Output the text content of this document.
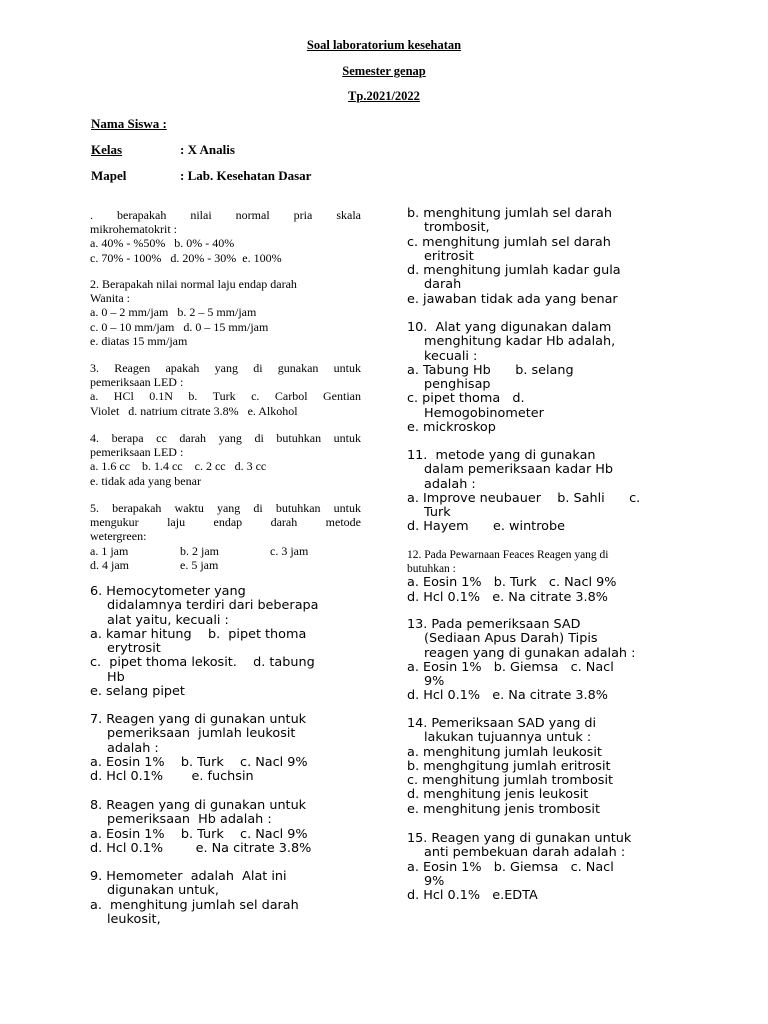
Soal laboratorium kesehatan
Semester genap
Tp.2021/2022
Nama Siswa :
Kelas	: X Analis
Mapel	: Lab. Kesehatan Dasar
. berapakah nilai normal pria skala
mikrohematokrit :
a. 40% - %50%   b. 0% - 40%
c. 70% - 100%   d. 20% - 30%  e. 100%
2. Berapakah nilai normal laju endap darah
Wanita :
a. 0 – 2 mm/jam   b. 2 – 5 mm/jam
c. 0 – 10 mm/jam   d. 0 – 15 mm/jam
e. diatas 15 mm/jam
3. Reagen apakah yang di gunakan untuk
pemeriksaan LED :
a. HCl 0.1N b. Turk c. Carbol Gentian
Violet   d. natrium citrate 3.8%   e. Alkohol
4. berapa cc darah yang di butuhkan untuk
pemeriksaan LED :
a. 1.6 cc    b. 1.4 cc    c. 2 cc   d. 3 cc
e. tidak ada yang benar
5. berapakah waktu yang di butuhkan untuk
mengukur laju endap darah metode
wetergreen:
a. 1 jam	b. 2 jam	c. 3 jam
d. 4 jam	e. 5 jam
6. Hemocytometer yang
didalamnya terdiri dari beberapa
alat yaitu, kecuali :
a. kamar hitung    b.  pipet thoma
erytrosit
c.  pipet thoma lekosit.    d. tabung
Hb
e. selang pipet
7. Reagen yang di gunakan untuk
pemeriksaan  jumlah leukosit
adalah :
a. Eosin 1%    b. Turk    c. Nacl 9%
d. Hcl 0.1%       e. fuchsin
8. Reagen yang di gunakan untuk
pemeriksaan  Hb adalah :
a. Eosin 1%    b. Turk    c. Nacl 9%
d. Hcl 0.1%        e. Na citrate 3.8%
9. Hemometer  adalah  Alat ini
digunakan untuk,
a.  menghitung jumlah sel darah
leukosit,
b. menghitung jumlah sel darah
trombosit,
c. menghitung jumlah sel darah
eritrosit
d. menghitung jumlah kadar gula
darah
e. jawaban tidak ada yang benar
10.  Alat yang digunakan dalam
menghitung kadar Hb adalah,
kecuali :
a. Tabung Hb      b. selang
penghisap
c. pipet thoma   d.
Hemogobinometer
e. mickroskop
11.  metode yang di gunakan
dalam pemeriksaan kadar Hb
adalah :
a. Improve neubauer    b. Sahli      c.
Turk
d. Hayem      e. wintrobe
12. Pada Pewarnaan Feaces Reagen yang di
butuhkan :
a. Eosin 1%   b. Turk   c. Nacl 9%
d. Hcl 0.1%   e. Na citrate 3.8%
13. Pada pemeriksaan SAD
(Sediaan Apus Darah) Tipis
reagen yang di gunakan adalah :
a. Eosin 1%   b. Giemsa   c. Nacl
9%
d. Hcl 0.1%   e. Na citrate 3.8%
14. Pemeriksaan SAD yang di
lakukan tujuannya untuk :
a. menghitung jumlah leukosit
b. menghgitung jumlah eritrosit
c. menghitung jumlah trombosit
d. menghitung jenis leukosit
e. menghitung jenis trombosit
15. Reagen yang di gunakan untuk
anti pembekuan darah adalah :
a. Eosin 1%   b. Giemsa   c. Nacl
9%
d. Hcl 0.1%   e.EDTA
